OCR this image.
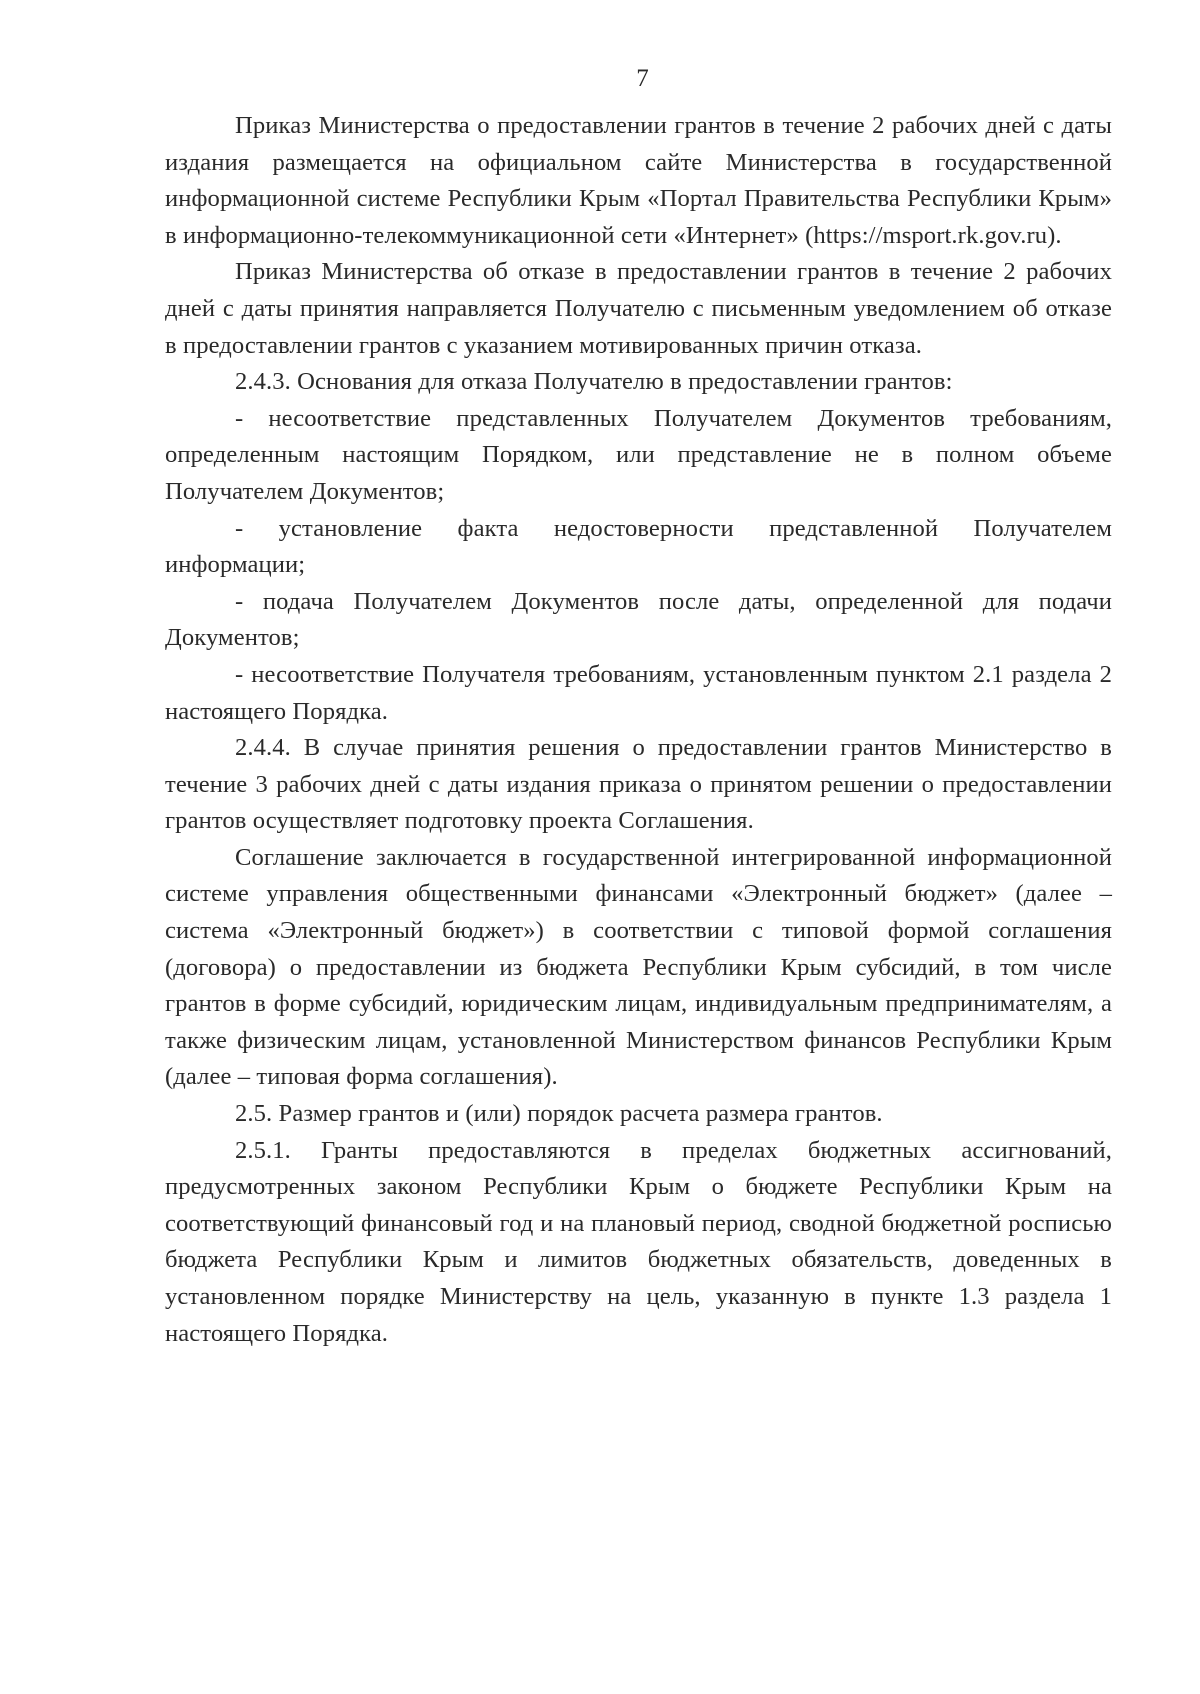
7

Приказ Министерства о предоставлении грантов в течение 2 рабочих дней с даты издания размещается на официальном сайте Министерства в государственной информационной системе Республики Крым «Портал Правительства Республики Крым» в информационно-телекоммуникационной сети «Интернет» (https://msport.rk.gov.ru).

Приказ Министерства об отказе в предоставлении грантов в течение 2 рабочих дней с даты принятия направляется Получателю с письменным уведомлением об отказе в предоставлении грантов с указанием мотивированных причин отказа.

2.4.3. Основания для отказа Получателю в предоставлении грантов:

- несоответствие представленных Получателем Документов требованиям, определенным настоящим Порядком, или представление не в полном объеме Получателем Документов;

- установление факта недостоверности представленной Получателем информации;

- подача Получателем Документов после даты, определенной для подачи Документов;

- несоответствие Получателя требованиям, установленным пунктом 2.1 раздела 2 настоящего Порядка.

2.4.4. В случае принятия решения о предоставлении грантов Министерство в течение 3 рабочих дней с даты издания приказа о принятом решении о предоставлении грантов осуществляет подготовку проекта Соглашения.

Соглашение заключается в государственной интегрированной информационной системе управления общественными финансами «Электронный бюджет» (далее – система «Электронный бюджет») в соответствии с типовой формой соглашения (договора) о предоставлении из бюджета Республики Крым субсидий, в том числе грантов в форме субсидий, юридическим лицам, индивидуальным предпринимателям, а также физическим лицам, установленной Министерством финансов Республики Крым (далее – типовая форма соглашения).

2.5. Размер грантов и (или) порядок расчета размера грантов.

2.5.1. Гранты предоставляются в пределах бюджетных ассигнований, предусмотренных законом Республики Крым о бюджете Республики Крым на соответствующий финансовый год и на плановый период, сводной бюджетной росписью бюджета Республики Крым и лимитов бюджетных обязательств, доведенных в установленном порядке Министерству на цель, указанную в пункте 1.3 раздела 1 настоящего Порядка.
